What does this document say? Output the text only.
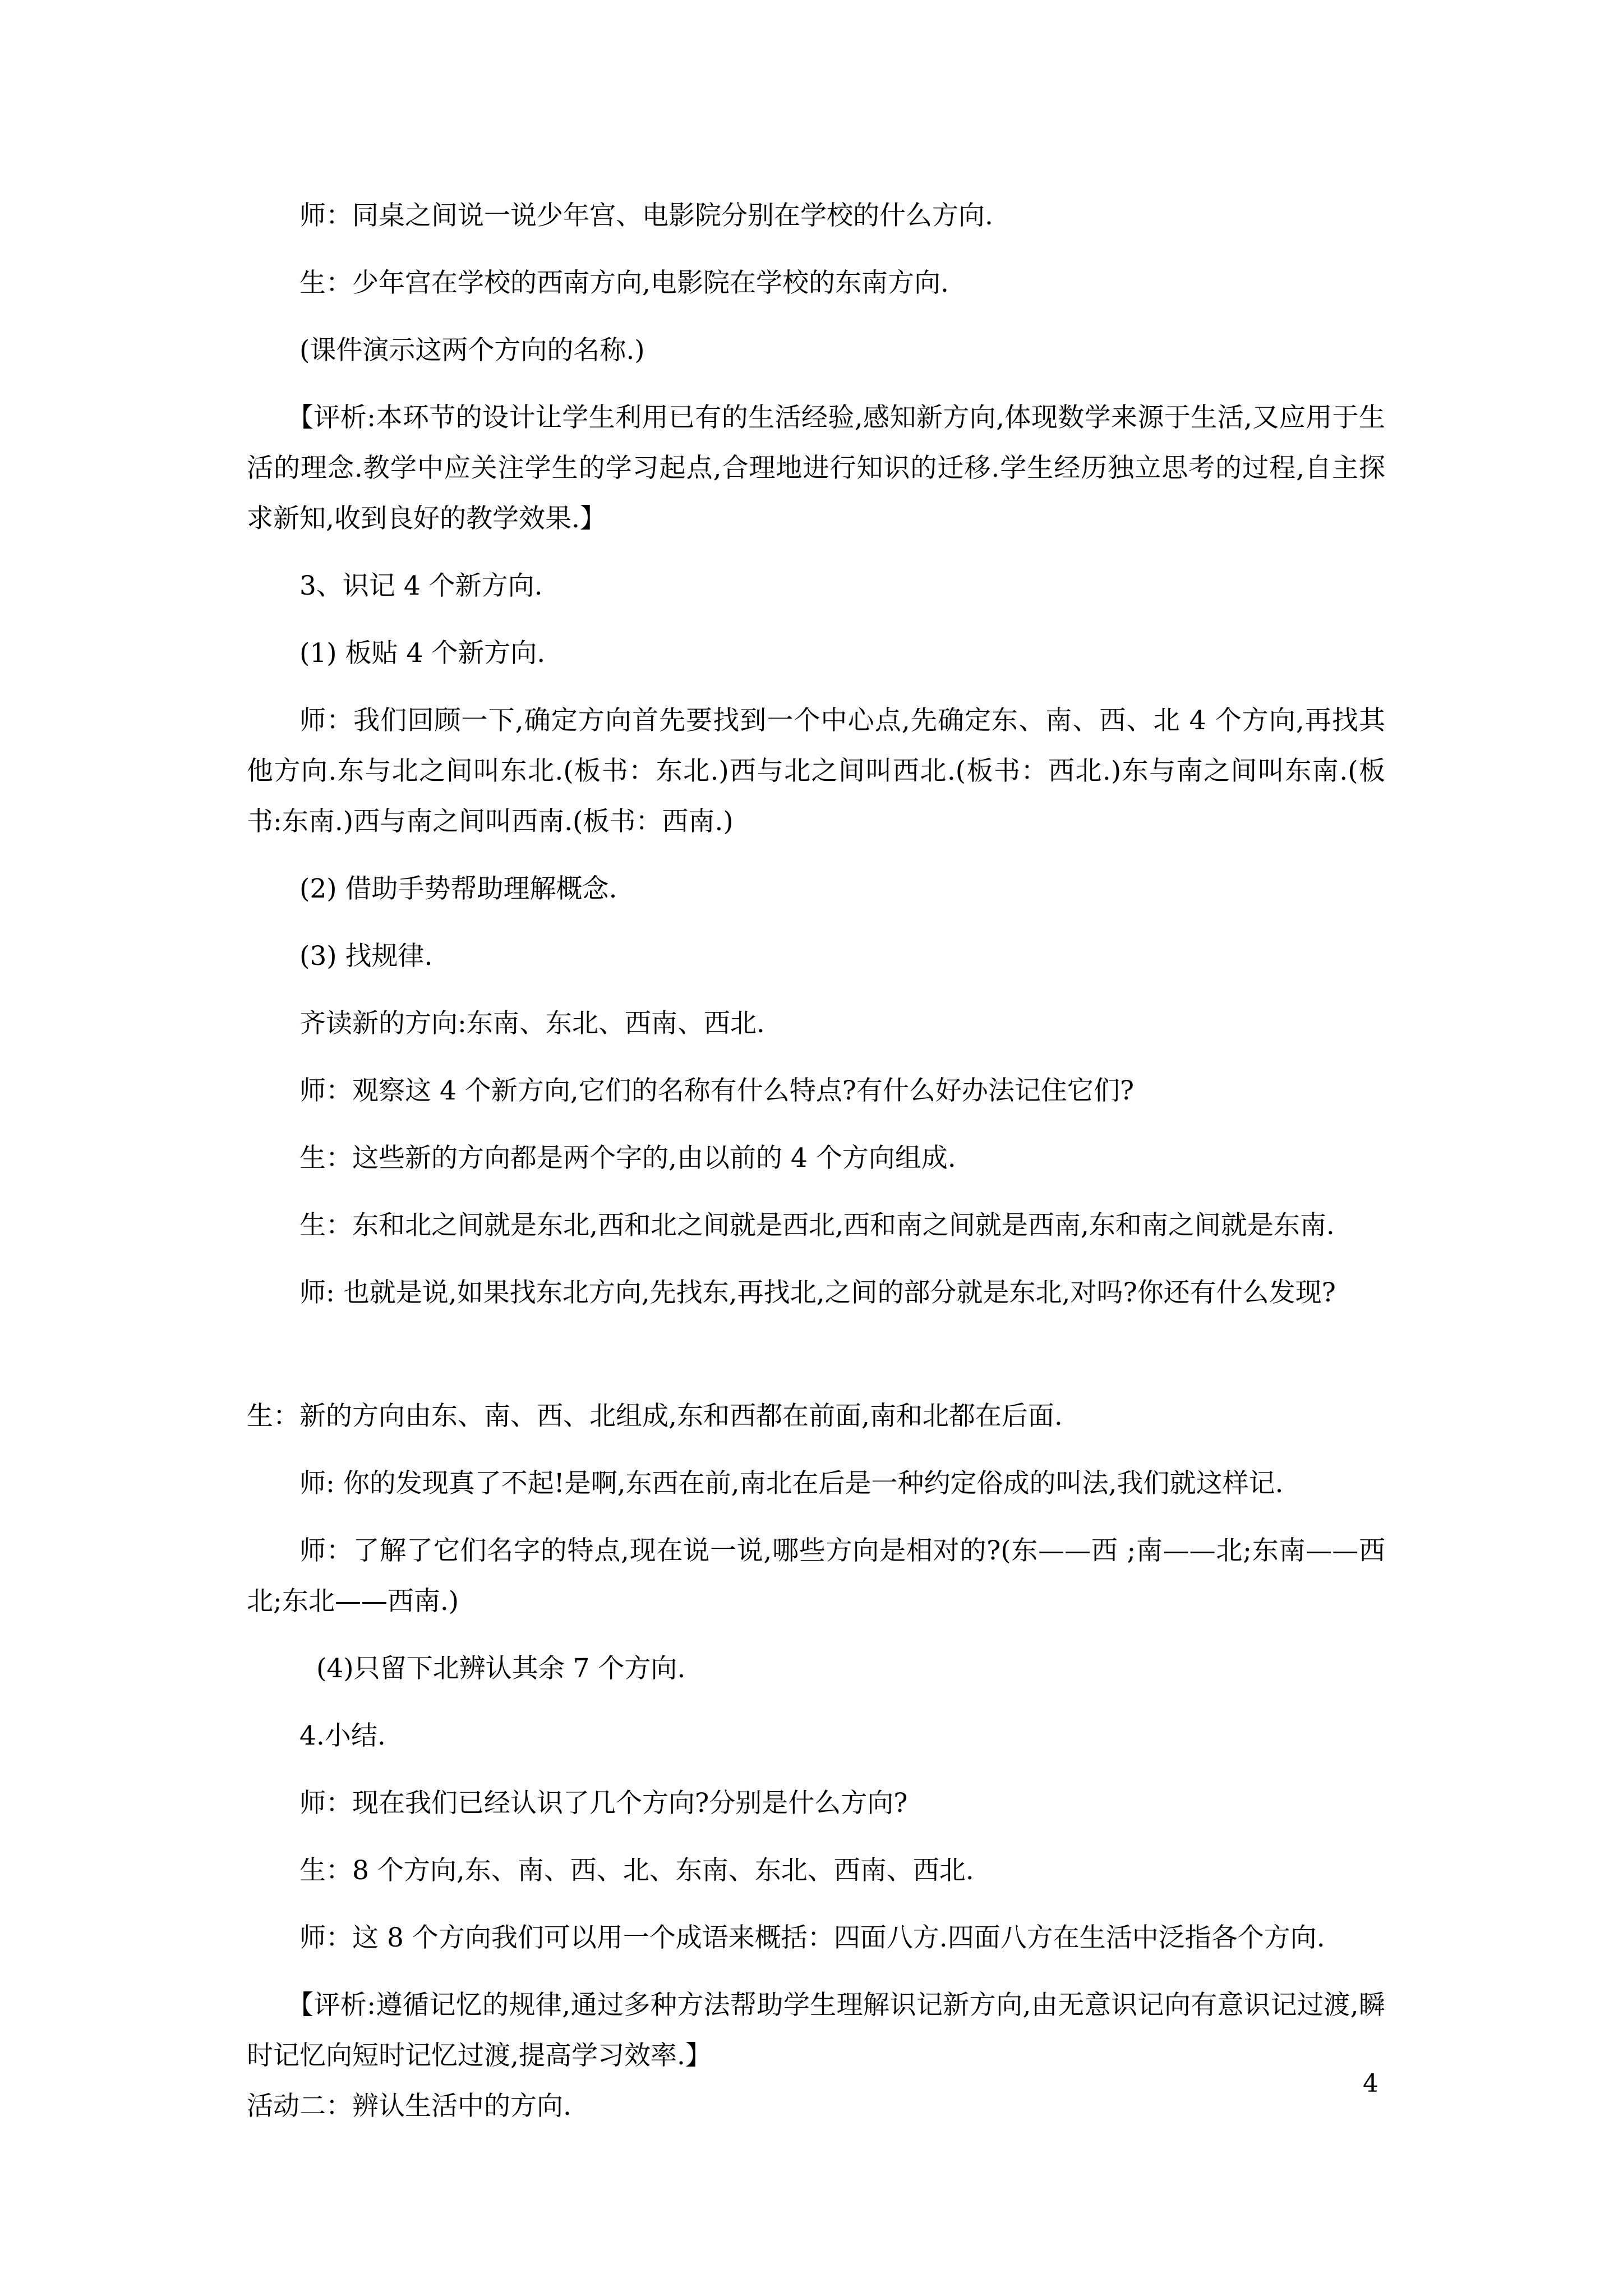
师：同桌之间说一说少年宫、电影院分别在学校的什么方向.

生：少年宫在学校的西南方向,电影院在学校的东南方向.

(课件演示这两个方向的名称.)

【评析:本环节的设计让学生利用已有的生活经验,感知新方向,体现数学来源于生活,又应用于生活的理念.教学中应关注学生的学习起点,合理地进行知识的迁移.学生经历独立思考的过程,自主探求新知,收到良好的教学效果.】

3、识记 4 个新方向.

(1) 板贴 4 个新方向.

师：我们回顾一下,确定方向首先要找到一个中心点,先确定东、南、西、北 4 个方向,再找其他方向.东与北之间叫东北.(板书：东北.)西与北之间叫西北.(板书：西北.)东与南之间叫东南.(板书:东南.)西与南之间叫西南.(板书：西南.)

(2) 借助手势帮助理解概念.

(3) 找规律.

齐读新的方向:东南、东北、西南、西北.

师：观察这 4 个新方向,它们的名称有什么特点?有什么好办法记住它们?

生：这些新的方向都是两个字的,由以前的 4 个方向组成.

生：东和北之间就是东北,西和北之间就是西北,西和南之间就是西南,东和南之间就是东南.

师: 也就是说,如果找东北方向,先找东,再找北,之间的部分就是东北,对吗?你还有什么发现?

生：新的方向由东、南、西、北组成,东和西都在前面,南和北都在后面.

师: 你的发现真了不起!是啊,东西在前,南北在后是一种约定俗成的叫法,我们就这样记.

师：了解了它们名字的特点,现在说一说,哪些方向是相对的?(东——西 ;南——北;东南——西北;东北——西南.)

(4)只留下北辨认其余 7 个方向.

4.小结.

师：现在我们已经认识了几个方向?分别是什么方向?

生：8 个方向,东、南、西、北、东南、东北、西南、西北.

师：这 8 个方向我们可以用一个成语来概括：四面八方.四面八方在生活中泛指各个方向.

【评析:遵循记忆的规律,通过多种方法帮助学生理解识记新方向,由无意识记向有意识记过渡,瞬时记忆向短时记忆过渡,提高学习效率.】

活动二：辨认生活中的方向.

4
